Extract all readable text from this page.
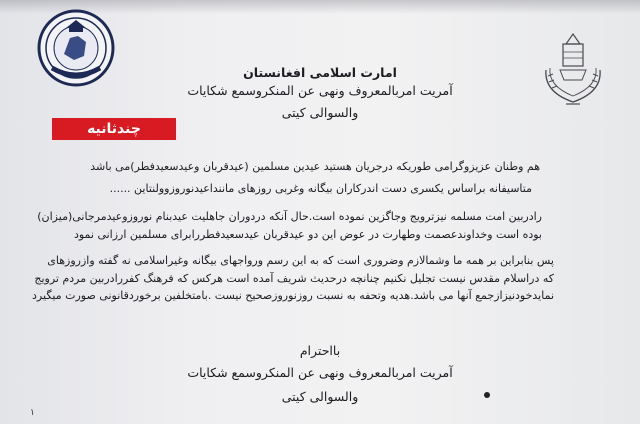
امارت اسلامی افغانستان
آمریت امربالمعروف ونهی عن المنکروسمع شکایات
والسوالی کیتی
چندثانیه
هم وطنان عزیزوگرامی طوریکه درجریان هستید عیدین مسلمین (عیدقربان وعیدسعیدفطر)می باشد
متاسیفانه براساس یکسری دست اندرکاران بیگانه وغربی روزهای ماننداعیدنوروزوولنتاین ......
رادربین امت مسلمه نیزترویج وجاگزین نموده است.حال آنکه دردوران جاهلیت عیدبنام نوروزوعیدمرجانی(میزان)
بوده است وخداوندعصمت وطهارت در عوض این دو عیدقربان عیدسعیدفطررابرای مسلمین ارزانی نمود
پس بنابراین بر همه ما وشمالازم وضروری است که به این رسم ورواجهای بیگانه وغیراسلامی نه گفته وازروزهای
که دراسلام مقدس نیست تجلیل نکنیم چنانچه درحدیث شریف آمده است هرکس که فرهنگ کفررادربین مردم ترویج
نمایدخودنیزازجمع آنها می باشد.هدیه وتحفه به نسبت روزنوروزصحیح نیست .بامتخلفین برخوردقانونی صورت میگیرد
بااحترام
آمریت امربالمعروف ونهی عن المنکروسمع شکایات
والسوالی کیتی
۱
